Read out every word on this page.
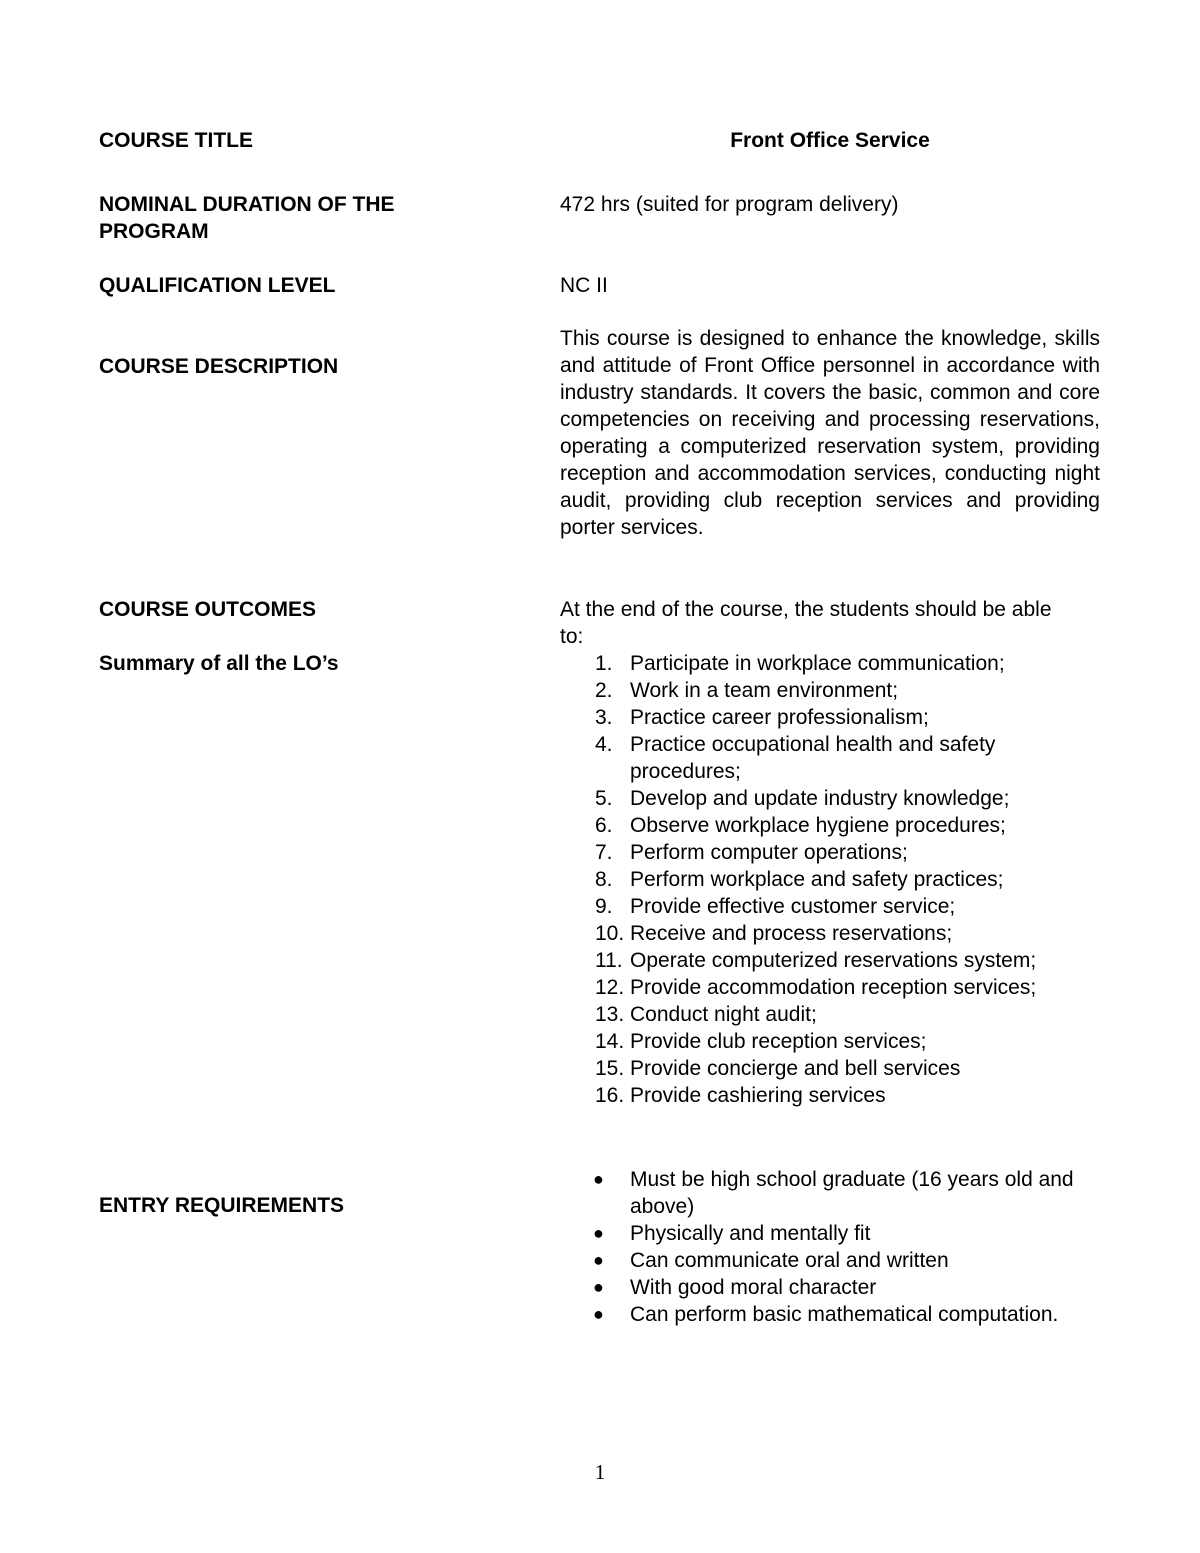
COURSE TITLE	Front Office Service
NOMINAL DURATION OF THE PROGRAM
472 hrs (suited for program delivery)
QUALIFICATION LEVEL	NC II
COURSE DESCRIPTION
This course is designed to enhance the knowledge, skills and attitude of Front Office personnel in accordance with industry standards. It covers the basic, common and core competencies on receiving and processing reservations, operating a computerized reservation system, providing reception and accommodation services, conducting night audit, providing club reception services and providing porter services.
COURSE OUTCOMES
Summary of all the LO’s
At the end of the course, the students should be able to:
1. Participate in workplace communication;
2. Work in a team environment;
3. Practice career professionalism;
4. Practice occupational health and safety procedures;
5. Develop and update industry knowledge;
6. Observe workplace hygiene procedures;
7. Perform computer operations;
8. Perform workplace and safety practices;
9. Provide effective customer service;
10. Receive and process reservations;
11. Operate computerized reservations system;
12. Provide accommodation reception services;
13. Conduct night audit;
14. Provide club reception services;
15. Provide concierge and bell services
16. Provide cashiering services
ENTRY REQUIREMENTS
● Must be high school graduate (16 years old and above)
● Physically and mentally fit
● Can communicate oral and written
● With good moral character
● Can perform basic mathematical computation.
1
